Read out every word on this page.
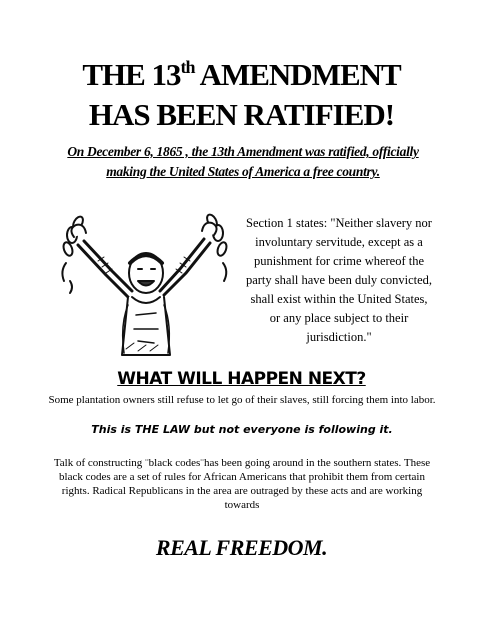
THE 13th AMENDMENT
HAS BEEN RATIFIED!
On December 6, 1865 , the 13th Amendment was ratified, officially making the United States of America a free country.
Section 1 states: "Neither slavery nor involuntary servitude, except as a punishment for crime whereof the party shall have been duly convicted, shall exist within the United States, or any place subject to their jurisdiction."
WHAT WILL HAPPEN NEXT?
Some plantation owners still refuse to let go of their slaves, still forcing them into labor.
This is THE LAW but not everyone is following it.
Talk of constructing ¨black codes¨has been going around in the southern states. These black codes are a set of rules for African Americans that prohibit them from certain rights. Radical Republicans in the area are outraged by these acts and are working towards
REAL FREEDOM.
